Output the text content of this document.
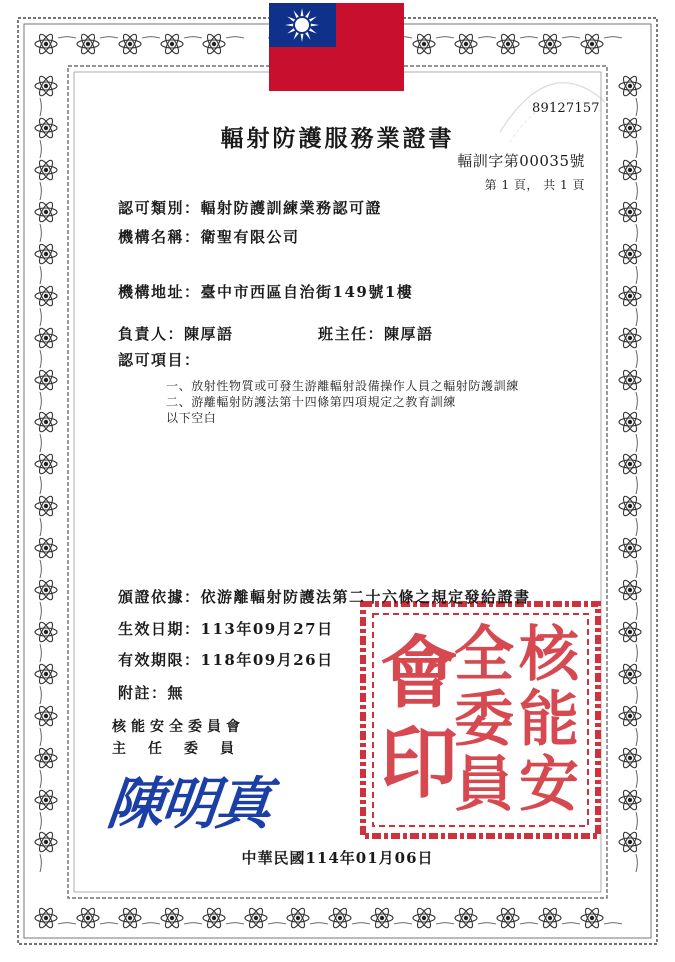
89127157
輻射防護服務業證書
輻訓字第00035號
第 1 頁， 共 1 頁
認可類別：輻射防護訓練業務認可證
機構名稱：衛聖有限公司
機構地址：臺中市西區自治街149號1樓
負責人：陳厚語	班主任：陳厚語
認可項目：
一、放射性物質或可發生游離輻射設備操作人員之輻射防護訓練
二、游離輻射防護法第十四條第四項規定之教育訓練
以下空白
核
能
安
全
委
員
會
印
頒證依據：依游離輻射防護法第二十六條之規定發給證書
生效日期：113年09月27日
有效期限：118年09月26日
附註：無
核能安全委員會
主任委員
陳明真
中華民國114年01月06日
